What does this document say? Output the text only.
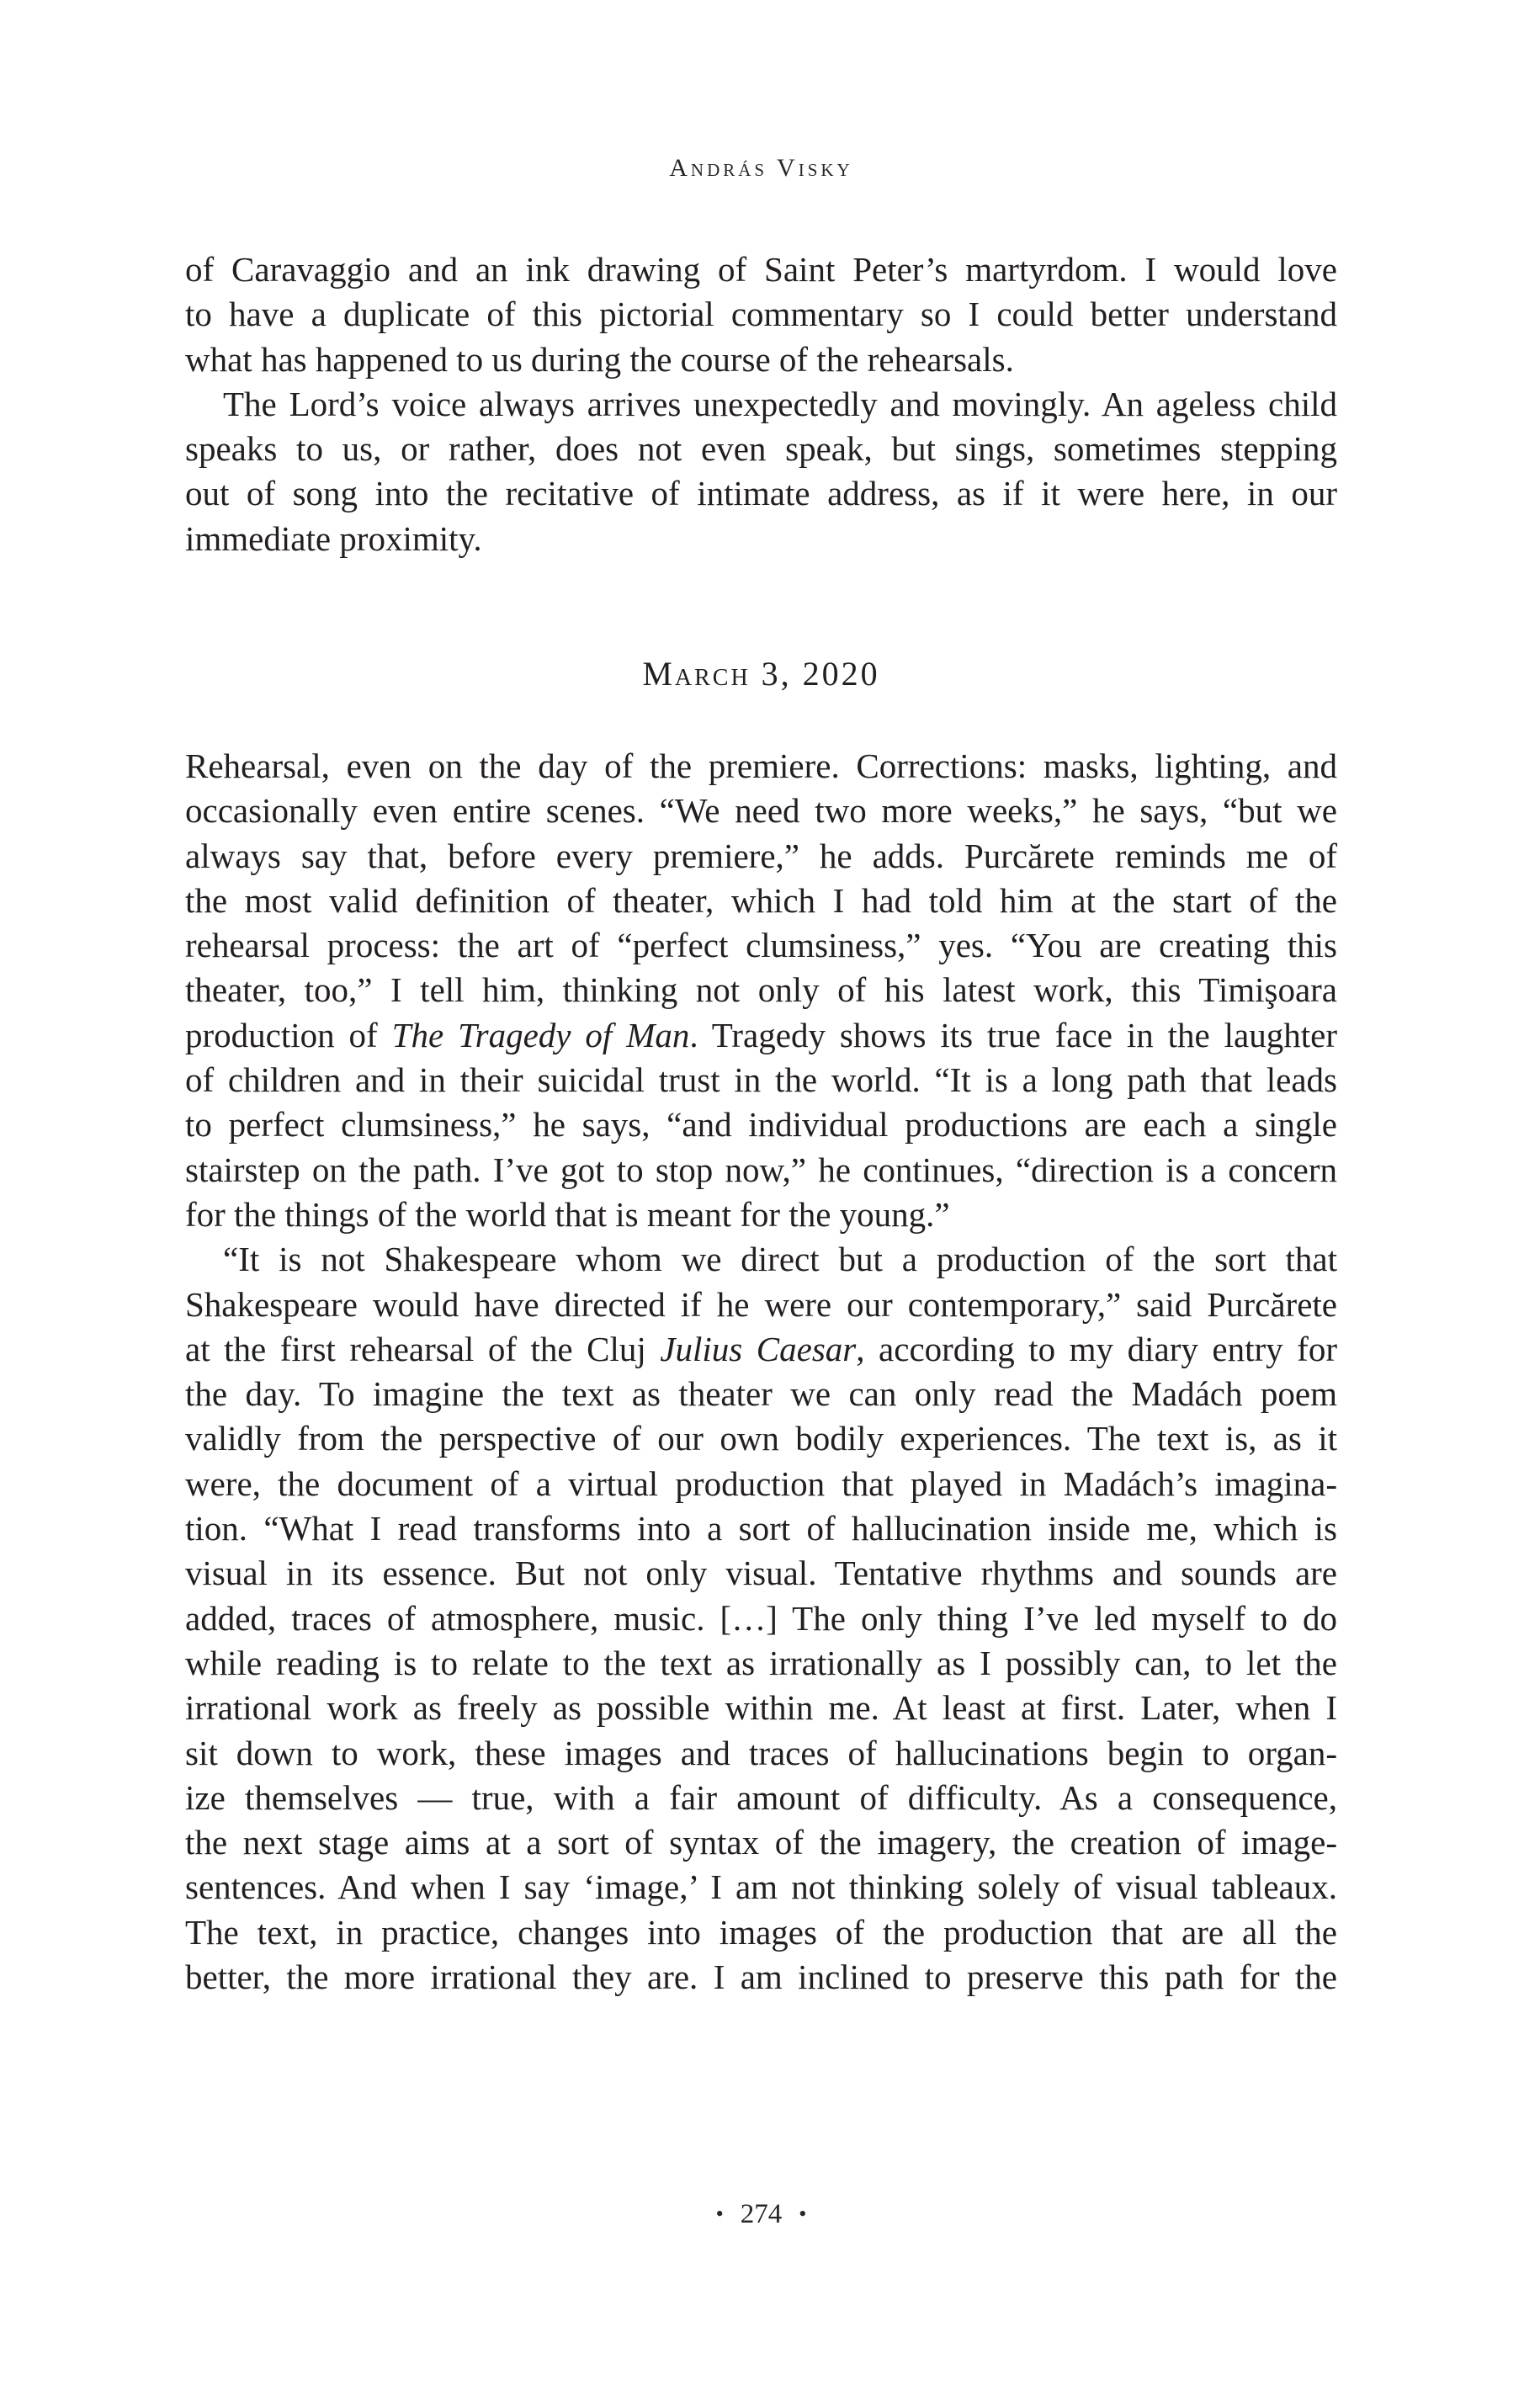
András Visky
of Caravaggio and an ink drawing of Saint Peter’s martyrdom. I would love
to have a duplicate of this pictorial commentary so I could better understand
what has happened to us during the course of the rehearsals.
The Lord’s voice always arrives unexpectedly and movingly. An ageless child
speaks to us, or rather, does not even speak, but sings, sometimes stepping
out of song into the recitative of intimate address, as if it were here, in our
immediate proximity.
March 3, 2020
Rehearsal, even on the day of the premiere. Corrections: masks, lighting, and
occasionally even entire scenes. “We need two more weeks,” he says, “but we
always say that, before every premiere,” he adds. Purcărete reminds me of
the most valid definition of theater, which I had told him at the start of the
rehearsal process: the art of “perfect clumsiness,” yes. “You are creating this
theater, too,” I tell him, thinking not only of his latest work, this Timişoara
production of The Tragedy of Man. Tragedy shows its true face in the laughter
of children and in their suicidal trust in the world. “It is a long path that leads
to perfect clumsiness,” he says, “and individual productions are each a single
stairstep on the path. I’ve got to stop now,” he continues, “direction is a concern
for the things of the world that is meant for the young.”
“It is not Shakespeare whom we direct but a production of the sort that
Shakespeare would have directed if he were our contemporary,” said Purcărete
at the first rehearsal of the Cluj Julius Caesar, according to my diary entry for
the day. To imagine the text as theater we can only read the Madách poem
validly from the perspective of our own bodily experiences. The text is, as it
were, the document of a virtual production that played in Madách’s imagina-
tion. “What I read transforms into a sort of hallucination inside me, which is
visual in its essence. But not only visual. Tentative rhythms and sounds are
added, traces of atmosphere, music. […] The only thing I’ve led myself to do
while reading is to relate to the text as irrationally as I possibly can, to let the
irrational work as freely as possible within me. At least at first. Later, when I
sit down to work, these images and traces of hallucinations begin to organ-
ize themselves — true, with a fair amount of difficulty. As a consequence,
the next stage aims at a sort of syntax of the imagery, the creation of image-
sentences. And when I say ‘image,’ I am not thinking solely of visual tableaux.
The text, in practice, changes into images of the production that are all the
better, the more irrational they are. I am inclined to preserve this path for the
• 274 •
